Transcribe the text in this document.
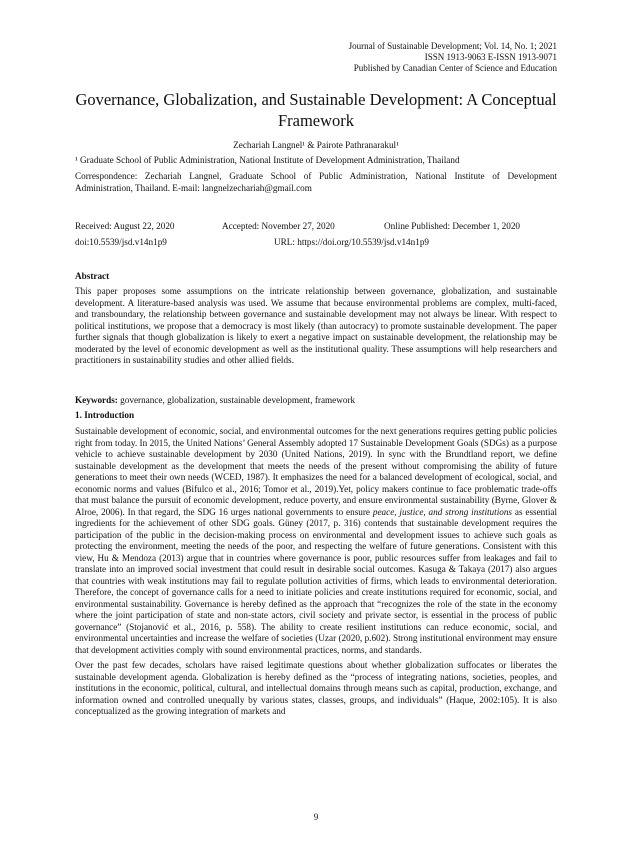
Journal of Sustainable Development; Vol. 14, No. 1; 2021
ISSN 1913-9063 E-ISSN 1913-9071
Published by Canadian Center of Science and Education
Governance, Globalization, and Sustainable Development: A Conceptual Framework
Zechariah Langnel¹ & Pairote Pathranarakul¹
¹ Graduate School of Public Administration, National Institute of Development Administration, Thailand
Correspondence: Zechariah Langnel, Graduate School of Public Administration, National Institute of Development Administration, Thailand. E-mail: langnelzechariah@gmail.com
Received: August 22, 2020	Accepted: November 27, 2020	Online Published: December 1, 2020
doi:10.5539/jsd.v14n1p9	URL: https://doi.org/10.5539/jsd.v14n1p9
Abstract
This paper proposes some assumptions on the intricate relationship between governance, globalization, and sustainable development. A literature-based analysis was used. We assume that because environmental problems are complex, multi-faced, and transboundary, the relationship between governance and sustainable development may not always be linear. With respect to political institutions, we propose that a democracy is most likely (than autocracy) to promote sustainable development. The paper further signals that though globalization is likely to exert a negative impact on sustainable development, the relationship may be moderated by the level of economic development as well as the institutional quality. These assumptions will help researchers and practitioners in sustainability studies and other allied fields.
Keywords: governance, globalization, sustainable development, framework
1. Introduction

Sustainable development of economic, social, and environmental outcomes for the next generations requires getting public policies right from today. In 2015, the United Nations’ General Assembly adopted 17 Sustainable Development Goals (SDGs) as a purpose vehicle to achieve sustainable development by 2030 (United Nations, 2019). In sync with the Brundtland report, we define sustainable development as the development that meets the needs of the present without compromising the ability of future generations to meet their own needs (WCED, 1987). It emphasizes the need for a balanced development of ecological, social, and economic norms and values (Bifulco et al., 2016; Tomor et al., 2019).Yet, policy makers continue to face problematic trade-offs that must balance the pursuit of economic development, reduce poverty, and ensure environmental sustainability (Byrne, Glover & Alroe, 2006). In that regard, the SDG 16 urges national governments to ensure peace, justice, and strong institutions as essential ingredients for the achievement of other SDG goals. Güney (2017, p. 316) contends that sustainable development requires the participation of the public in the decision-making process on environmental and development issues to achieve such goals as protecting the environment, meeting the needs of the poor, and respecting the welfare of future generations. Consistent with this view, Hu & Mendoza (2013) argue that in countries where governance is poor, public resources suffer from leakages and fail to translate into an improved social investment that could result in desirable social outcomes. Kasuga & Takaya (2017) also argues that countries with weak institutions may fail to regulate pollution activities of firms, which leads to environmental deterioration. Therefore, the concept of governance calls for a need to initiate policies and create institutions required for economic, social, and environmental sustainability. Governance is hereby defined as the approach that “recognizes the role of the state in the economy where the joint participation of state and non-state actors, civil society and private sector, is essential in the process of public governance” (Stojanović et al., 2016, p. 558). The ability to create resilient institutions can reduce economic, social, and environmental uncertainties and increase the welfare of societies (Uzar (2020, p.602). Strong institutional environment may ensure that development activities comply with sound environmental practices, norms, and standards.

Over the past few decades, scholars have raised legitimate questions about whether globalization suffocates or liberates the sustainable development agenda. Globalization is hereby defined as the “process of integrating nations, societies, peoples, and institutions in the economic, political, cultural, and intellectual domains through means such as capital, production, exchange, and information owned and controlled unequally by various states, classes, groups, and individuals” (Haque, 2002:105). It is also conceptualized as the growing integration of markets and

9
